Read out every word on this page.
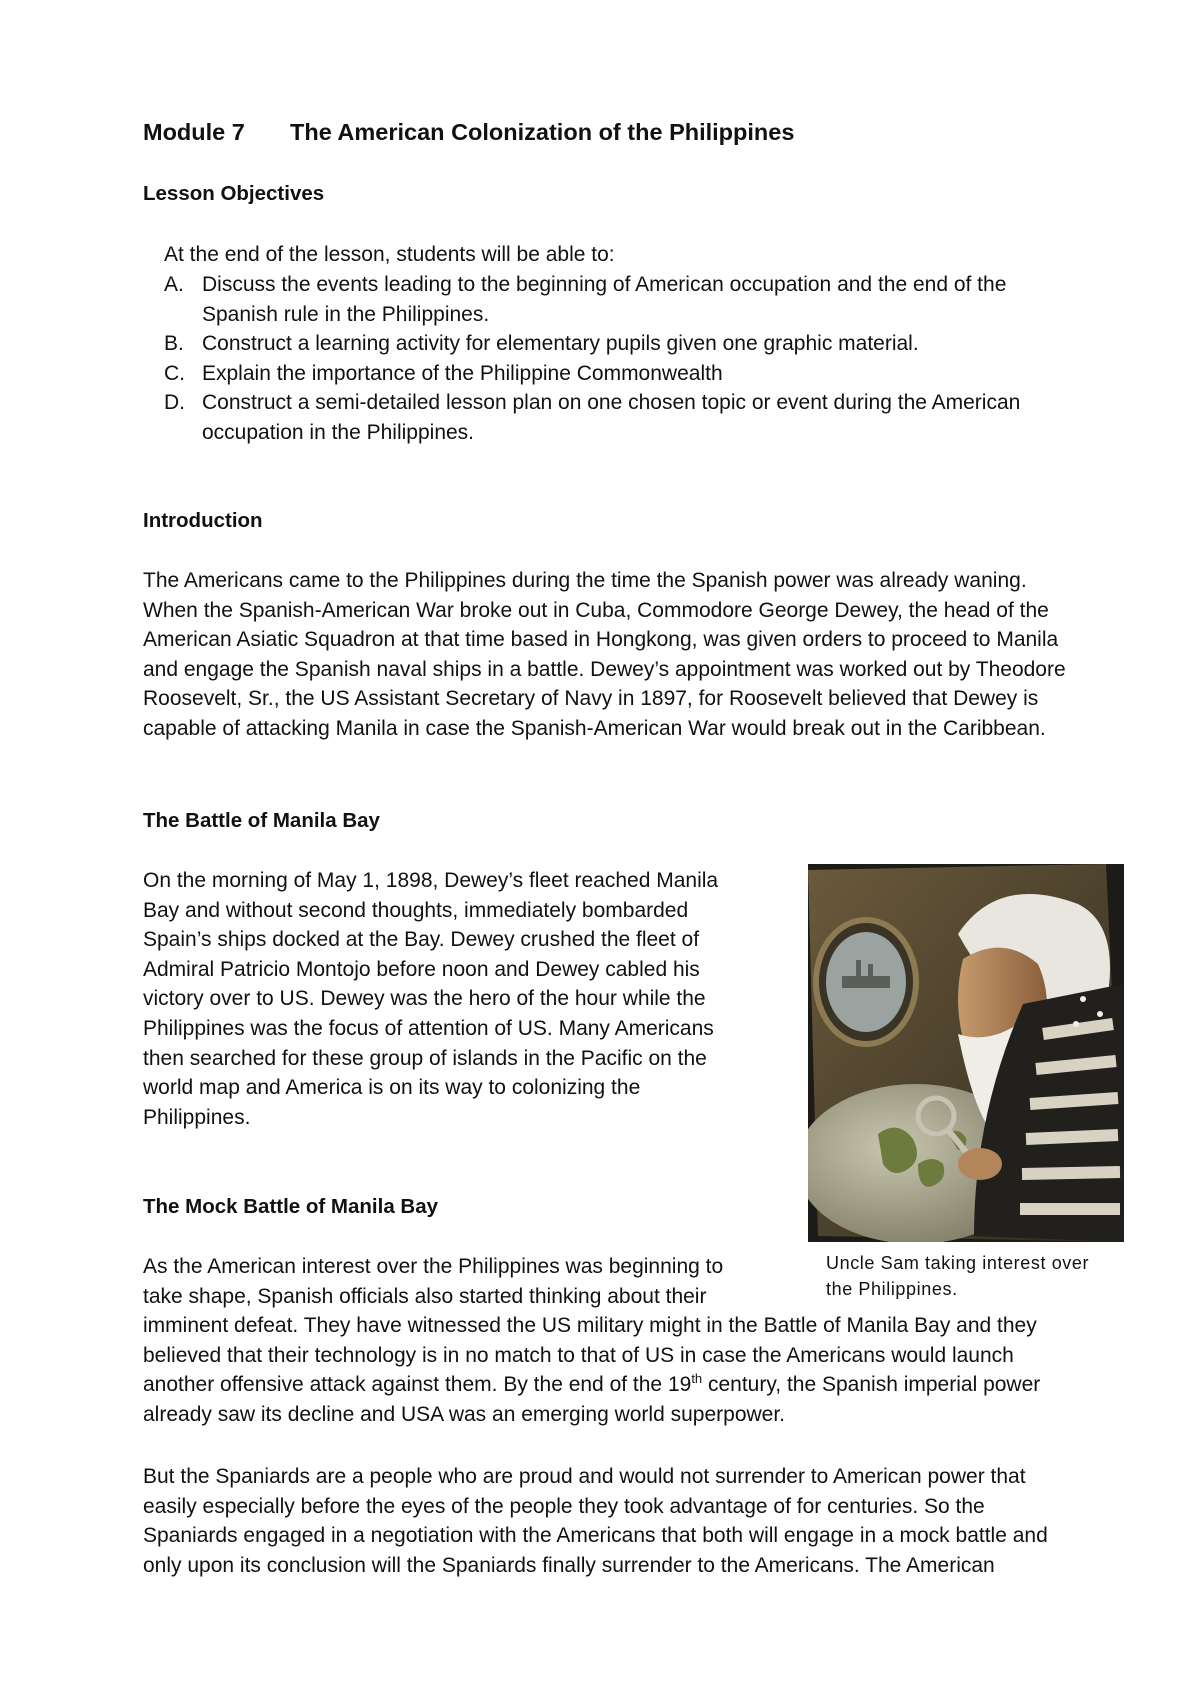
Module 7 The American Colonization of the Philippines
Lesson Objectives

At the end of the lesson, students will be able to:

A. Discuss the events leading to the beginning of American occupation and the end of the
Spanish rule in the Philippines.
B. Construct a learning activity for elementary pupils given one graphic material.
C. Explain the importance of the Philippine Commonwealth
D. Construct a semi-detailed lesson plan on one chosen topic or event during the American
occupation in the Philippines.
Introduction

The Americans came to the Philippines during the time the Spanish power was already waning.

When the Spanish-American War broke out in Cuba, Commodore George Dewey, the head of the

American Asiatic Squadron at that time based in Hongkong, was given orders to proceed to Manila

and engage the Spanish naval ships in a battle. Dewey’s appointment was worked out by Theodore

Roosevelt, Sr., the US Assistant Secretary of Navy in 1897, for Roosevelt believed that Dewey is

capable of attacking Manila in case the Spanish-American War would break out in the Caribbean.

The Battle of Manila Bay

On the morning of May 1, 1898, Dewey’s fleet reached Manila

Bay and without second thoughts, immediately bombarded

Spain’s ships docked at the Bay. Dewey crushed the fleet of

Admiral Patricio Montojo before noon and Dewey cabled his

victory over to US. Dewey was the hero of the hour while the

Philippines was the focus of attention of US. Many Americans

then searched for these group of islands in the Pacific on the

world map and America is on its way to colonizing the

Philippines.

Uncle Sam taking interest over
the Philippines.
The Mock Battle of Manila Bay

As the American interest over the Philippines was beginning to

take shape, Spanish officials also started thinking about their

imminent defeat. They have witnessed the US military might in the Battle of Manila Bay and they

believed that their technology is in no match to that of US in case the Americans would launch

another offensive attack against them. By the end of the 19th century, the Spanish imperial power

already saw its decline and USA was an emerging world superpower.

But the Spaniards are a people who are proud and would not surrender to American power that

easily especially before the eyes of the people they took advantage of for centuries. So the

Spaniards engaged in a negotiation with the Americans that both will engage in a mock battle and

only upon its conclusion will the Spaniards finally surrender to the Americans. The American
